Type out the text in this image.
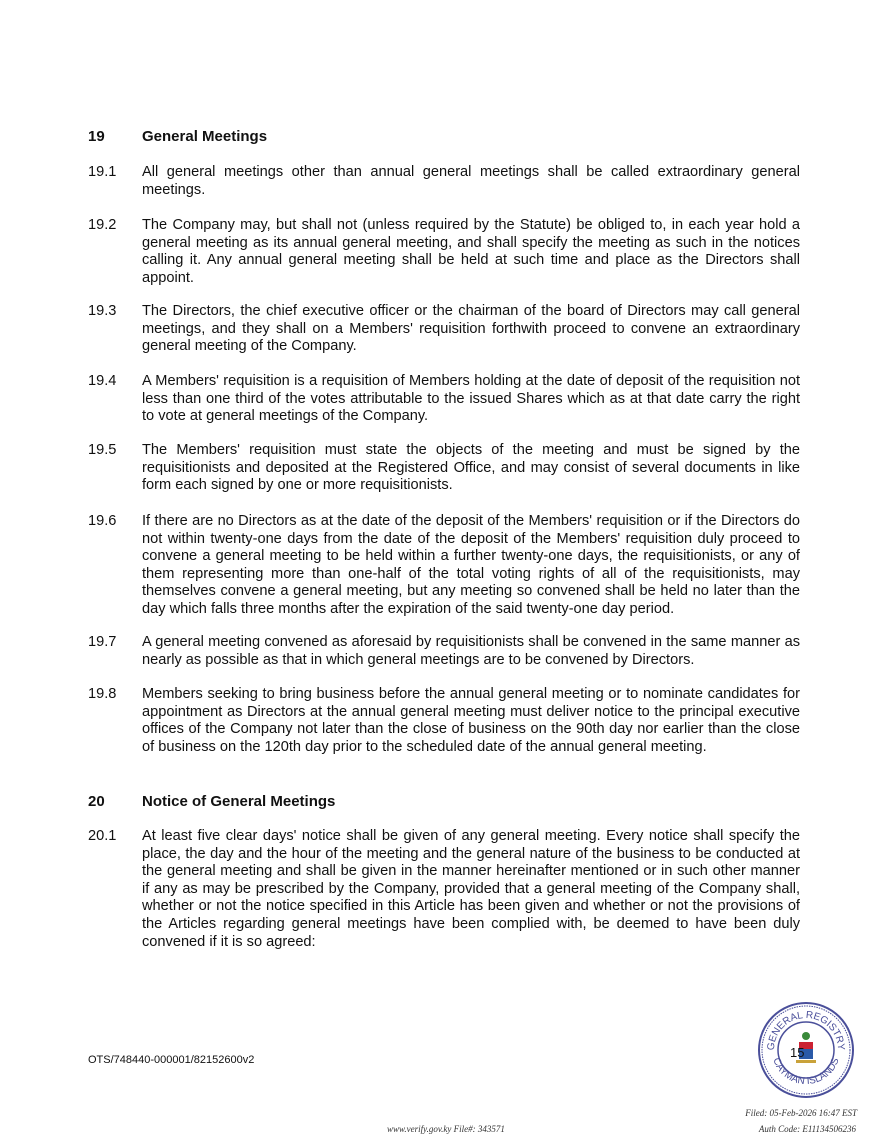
19	General Meetings
19.1	All general meetings other than annual general meetings shall be called extraordinary general meetings.
19.2	The Company may, but shall not (unless required by the Statute) be obliged to, in each year hold a general meeting as its annual general meeting, and shall specify the meeting as such in the notices calling it. Any annual general meeting shall be held at such time and place as the Directors shall appoint.
19.3	The Directors, the chief executive officer or the chairman of the board of Directors may call general meetings, and they shall on a Members' requisition forthwith proceed to convene an extraordinary general meeting of the Company.
19.4	A Members' requisition is a requisition of Members holding at the date of deposit of the requisition not less than one third of the votes attributable to the issued Shares which as at that date carry the right to vote at general meetings of the Company.
19.5	The Members' requisition must state the objects of the meeting and must be signed by the requisitionists and deposited at the Registered Office, and may consist of several documents in like form each signed by one or more requisitionists.
19.6	If there are no Directors as at the date of the deposit of the Members' requisition or if the Directors do not within twenty-one days from the date of the deposit of the Members' requisition duly proceed to convene a general meeting to be held within a further twenty-one days, the requisitionists, or any of them representing more than one-half of the total voting rights of all of the requisitionists, may themselves convene a general meeting, but any meeting so convened shall be held no later than the day which falls three months after the expiration of the said twenty-one day period.
19.7	A general meeting convened as aforesaid by requisitionists shall be convened in the same manner as nearly as possible as that in which general meetings are to be convened by Directors.
19.8	Members seeking to bring business before the annual general meeting or to nominate candidates for appointment as Directors at the annual general meeting must deliver notice to the principal executive offices of the Company not later than the close of business on the 90th day nor earlier than the close of business on the 120th day prior to the scheduled date of the annual general meeting.
20	Notice of General Meetings
20.1	At least five clear days' notice shall be given of any general meeting. Every notice shall specify the place, the day and the hour of the meeting and the general nature of the business to be conducted at the general meeting and shall be given in the manner hereinafter mentioned or in such other manner if any as may be prescribed by the Company, provided that a general meeting of the Company shall, whether or not the notice specified in this Article has been given and whether or not the provisions of the Articles regarding general meetings have been complied with, be deemed to have been duly convened if it is so agreed:
OTS/748440-000001/82152600v2
GENERAL REGISTRY
CAYMAN ISLANDS
15
Filed: 05-Feb-2026 16:47 EST
Auth Code: E11134506236
www.verify.gov.ky File#: 343571
